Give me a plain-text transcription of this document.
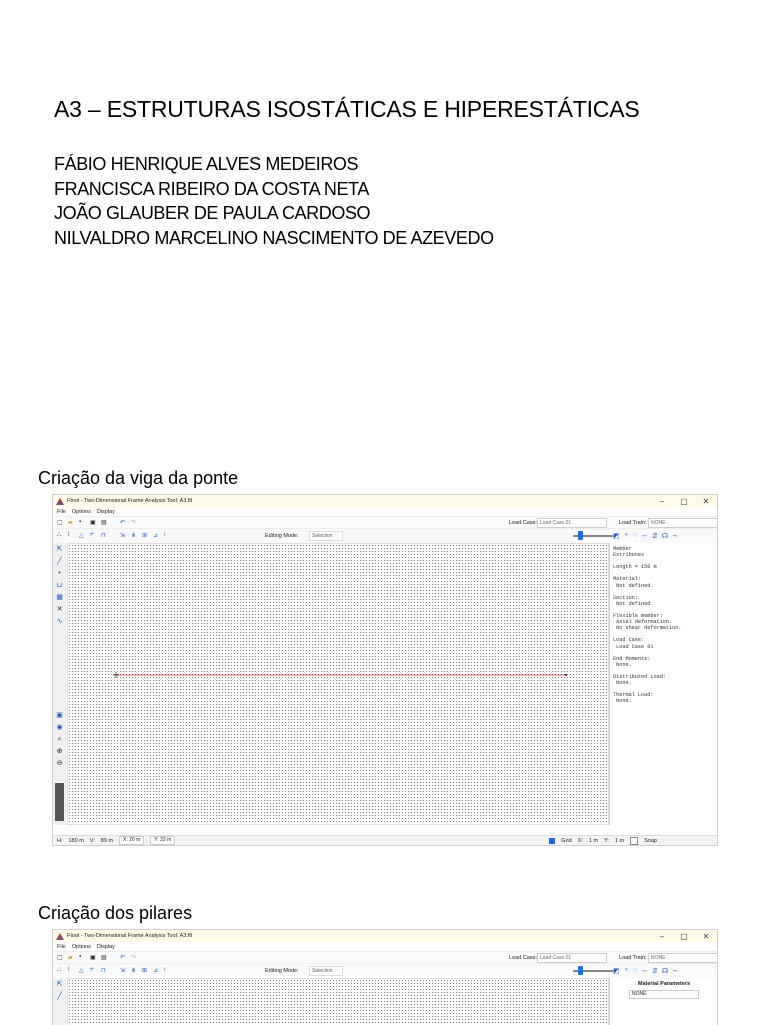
A3 – ESTRUTURAS ISOSTÁTICAS E HIPERESTÁTICAS
FÁBIO HENRIQUE ALVES MEDEIROS
FRANCISCA RIBEIRO DA COSTA NETA
JOÃO GLAUBER DE PAULA CARDOSO
NILVALDRO MARCELINO NASCIMENTO DE AZEVEDO
Criação da viga da ponte
Ftool - Two-Dimensional Frame Analysis Tool: A3.ftl	–	▢	✕
File Options Display
▢ ▰	▪	▣ ▤	↶ ↷	Load Case: Load Case 01	Load Train: NONE
⛬	I	△	⌿	⊓	⇲ ⋔ ⊞ ⊿ ı	Editing Mode:	Selection	◩ ♆ ◌ ↔ ⇵ ☊ ∼
⇱
╱
•
⊔
▦
✕
∿
▣
◉
⌕
⊕
⊖
Member
Estribunes

Length = 150 m

Material:
Not defined.

Section:
Not defined.

Flexible member:
Axial deformation.
No shear deformation.

Load Case:
Load Case 01

End Moments:
None.

Distributed Load:
None.

Thermal Load:
None.
H: 180 m V: 89 m	X: 20 m	Y: 33 m	Grid X: 1 m Y: 1 m	Snap
Criação dos pilares
Ftool - Two-Dimensional Frame Analysis Tool: A3.ftl	–	▢	✕
File Options Display
▢ ▰	▪	▣ ▤	↶ ↷	Load Case: Load Case 01	Load Train: NONE
⛬	I	△	⌿	⊓	⇲ ⋔ ⊞ ⊿ ı	Editing Mode:	Selection	◩ ♆ ◌ ↔ ⇵ ☊ ∼
⇱
╱
Material Parameters
NONE
